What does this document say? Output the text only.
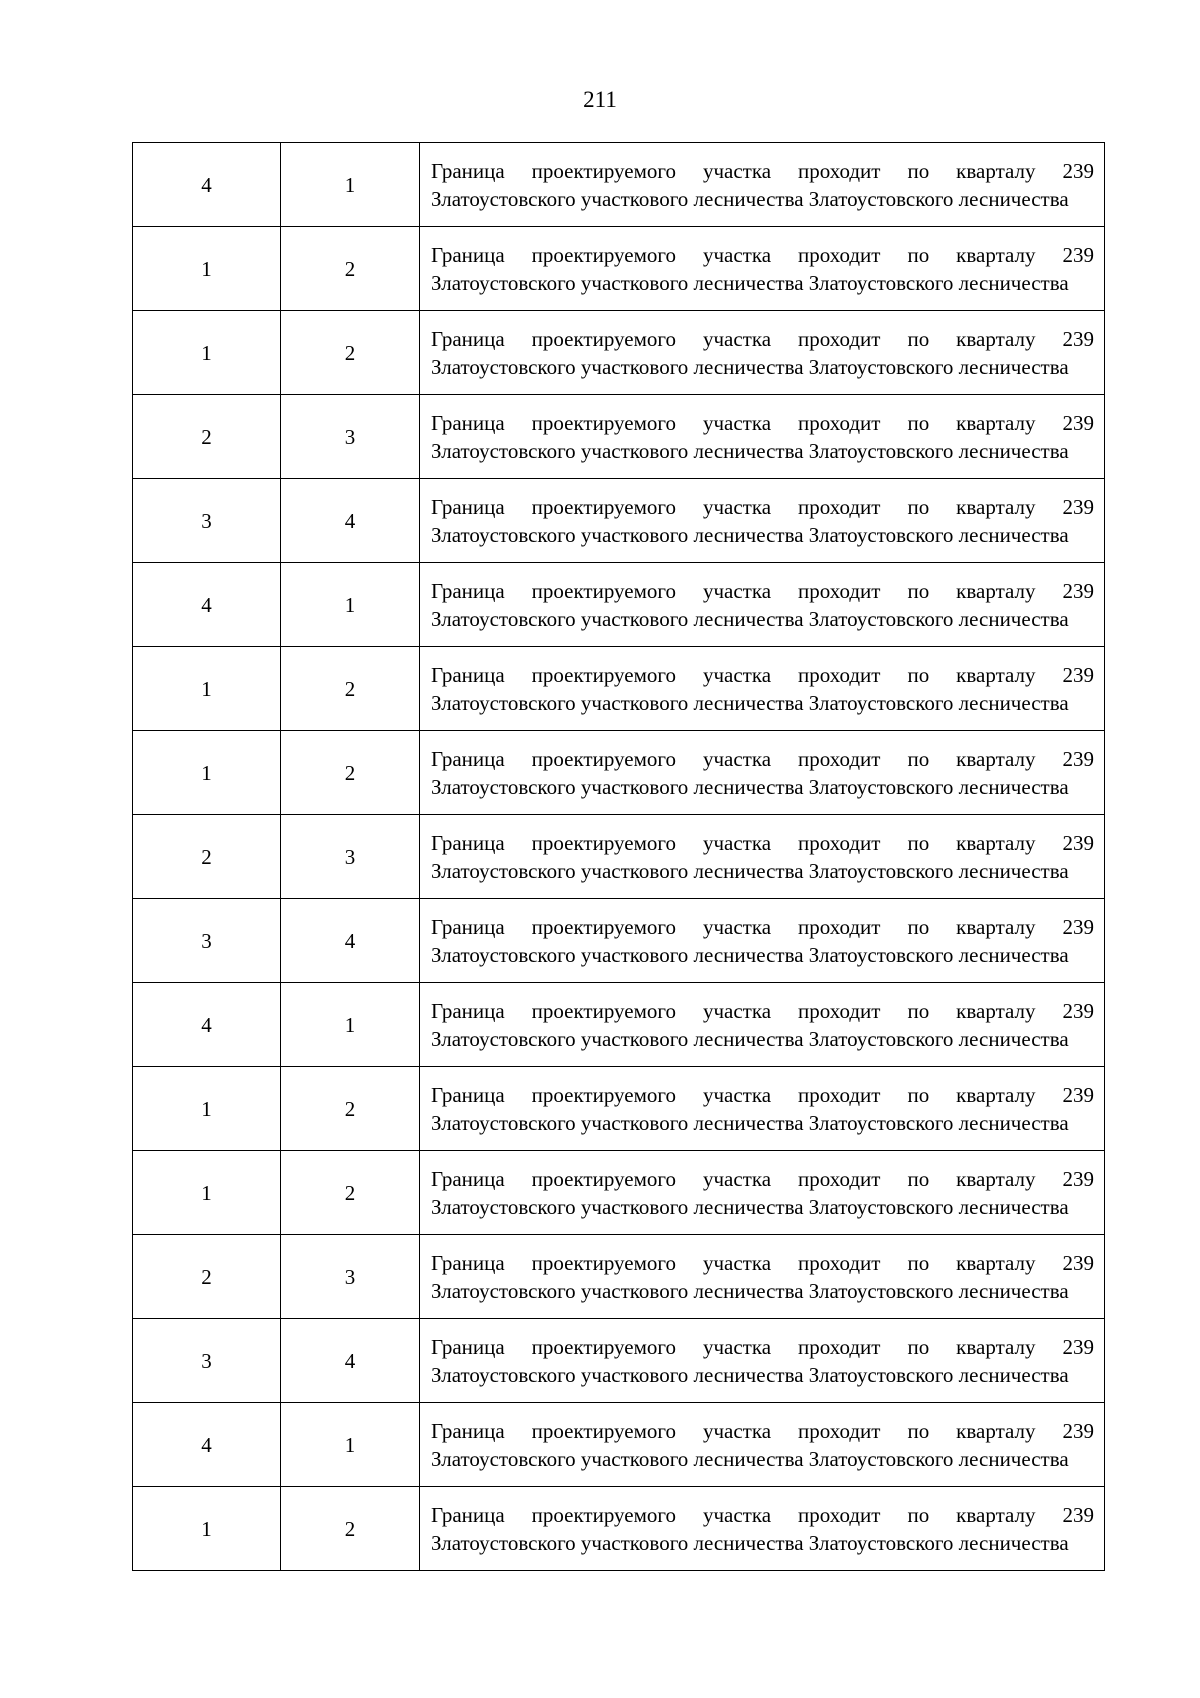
211
4	1	Граница проектируемого участка проходит по кварталу 239 Златоустовского участкового лесничества Златоустовского лесничества
1	2	Граница проектируемого участка проходит по кварталу 239 Златоустовского участкового лесничества Златоустовского лесничества
1	2	Граница проектируемого участка проходит по кварталу 239 Златоустовского участкового лесничества Златоустовского лесничества
2	3	Граница проектируемого участка проходит по кварталу 239 Златоустовского участкового лесничества Златоустовского лесничества
3	4	Граница проектируемого участка проходит по кварталу 239 Златоустовского участкового лесничества Златоустовского лесничества
4	1	Граница проектируемого участка проходит по кварталу 239 Златоустовского участкового лесничества Златоустовского лесничества
1	2	Граница проектируемого участка проходит по кварталу 239 Златоустовского участкового лесничества Златоустовского лесничества
1	2	Граница проектируемого участка проходит по кварталу 239 Златоустовского участкового лесничества Златоустовского лесничества
2	3	Граница проектируемого участка проходит по кварталу 239 Златоустовского участкового лесничества Златоустовского лесничества
3	4	Граница проектируемого участка проходит по кварталу 239 Златоустовского участкового лесничества Златоустовского лесничества
4	1	Граница проектируемого участка проходит по кварталу 239 Златоустовского участкового лесничества Златоустовского лесничества
1	2	Граница проектируемого участка проходит по кварталу 239 Златоустовского участкового лесничества Златоустовского лесничества
1	2	Граница проектируемого участка проходит по кварталу 239 Златоустовского участкового лесничества Златоустовского лесничества
2	3	Граница проектируемого участка проходит по кварталу 239 Златоустовского участкового лесничества Златоустовского лесничества
3	4	Граница проектируемого участка проходит по кварталу 239 Златоустовского участкового лесничества Златоустовского лесничества
4	1	Граница проектируемого участка проходит по кварталу 239 Златоустовского участкового лесничества Златоустовского лесничества
1	2	Граница проектируемого участка проходит по кварталу 239 Златоустовского участкового лесничества Златоустовского лесничества
